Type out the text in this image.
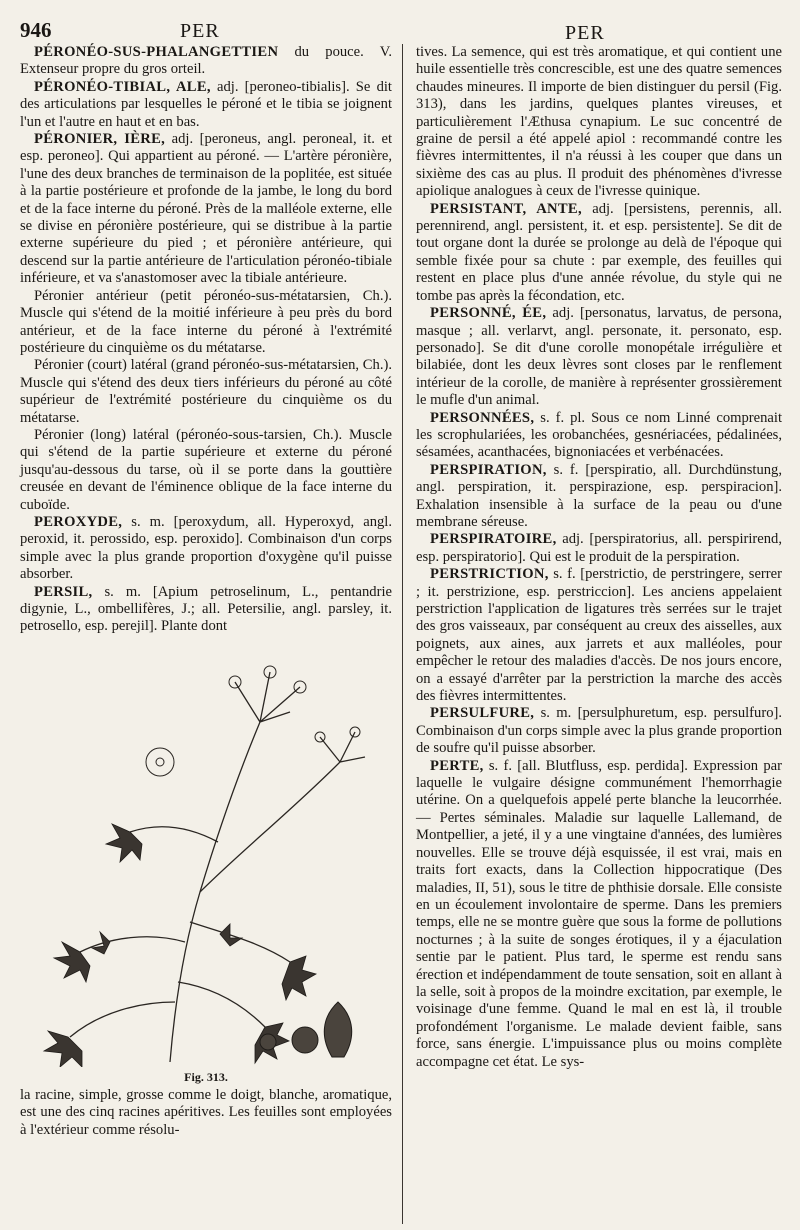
946	PER	PER

PÉRONÉO-SUS-PHALANGETTIEN du pouce. V. Extenseur propre du gros orteil.

PÉRONÉO-TIBIAL, ALE, adj. [peroneo-tibialis]. Se dit des articulations par lesquelles le péroné et le tibia se joignent l'un et l'autre en haut et en bas.

PÉRONIER, IÈRE, adj. [peroneus, angl. peroneal, it. et esp. peroneo]. Qui appartient au péroné. — L'artère péronière, l'une des deux branches de terminaison de la poplitée, est située à la partie postérieure et profonde de la jambe, le long du bord et de la face interne du péroné. Près de la malléole externe, elle se divise en péronière postérieure, qui se distribue à la partie externe supérieure du pied ; et péronière antérieure, qui descend sur la partie antérieure de l'articulation péronéo-tibiale inférieure, et va s'anastomoser avec la tibiale antérieure.

Péronier antérieur (petit péronéo-sus-métatarsien, Ch.). Muscle qui s'étend de la moitié inférieure à peu près du bord antérieur, et de la face interne du péroné à l'extrémité postérieure du cinquième os du métatarse.

Péronier (court) latéral (grand péronéo-sus-métatarsien, Ch.). Muscle qui s'étend des deux tiers inférieurs du péroné au côté supérieur de l'extrémité postérieure du cinquième os du métatarse.

Péronier (long) latéral (péronéo-sous-tarsien, Ch.). Muscle qui s'étend de la partie supérieure et externe du péroné jusqu'au-dessous du tarse, où il se porte dans la gouttière creusée en devant de l'éminence oblique de la face interne du cuboïde.

PEROXYDE, s. m. [peroxydum, all. Hyperoxyd, angl. peroxid, it. perossido, esp. peroxido]. Combinaison d'un corps simple avec la plus grande proportion d'oxygène qu'il puisse absorber.

PERSIL, s. m. [Apium petroselinum, L., pentandrie digynie, L., ombellifères, J.; all. Petersilie, angl. parsley, it. petrosello, esp. perejil]. Plante dont

Fig. 313.

la racine, simple, grosse comme le doigt, blanche, aromatique, est une des cinq racines apéritives. Les feuilles sont employées à l'extérieur comme résolu-

tives. La semence, qui est très aromatique, et qui contient une huile essentielle très concrescible, est une des quatre semences chaudes mineures. Il importe de bien distinguer du persil (Fig. 313), dans les jardins, quelques plantes vireuses, et particulièrement l'Æthusa cynapium. Le suc concentré de graine de persil a été appelé apiol : recommandé contre les fièvres intermittentes, il n'a réussi à les couper que dans un sixième des cas au plus. Il produit des phénomènes d'ivresse apiolique analogues à ceux de l'ivresse quinique.

PERSISTANT, ANTE, adj. [persistens, perennis, all. perennirend, angl. persistent, it. et esp. persistente]. Se dit de tout organe dont la durée se prolonge au delà de l'époque qui semble fixée pour sa chute : par exemple, des feuilles qui restent en place plus d'une année révolue, du style qui ne tombe pas après la fécondation, etc.

PERSONNÉ, ÉE, adj. [personatus, larvatus, de persona, masque ; all. verlarvt, angl. personate, it. personato, esp. personado]. Se dit d'une corolle monopétale irrégulière et bilabiée, dont les deux lèvres sont closes par le renflement intérieur de la corolle, de manière à représenter grossièrement le mufle d'un animal.

PERSONNÉES, s. f. pl. Sous ce nom Linné comprenait les scrophulariées, les orobanchées, gesnériacées, pédalinées, sésamées, acanthacées, bignoniacées et verbénacées.

PERSPIRATION, s. f. [perspiratio, all. Durchdünstung, angl. perspiration, it. perspirazione, esp. perspiracion]. Exhalation insensible à la surface de la peau ou d'une membrane séreuse.

PERSPIRATOIRE, adj. [perspiratorius, all. perspirirend, esp. perspiratorio]. Qui est le produit de la perspiration.

PERSTRICTION, s. f. [perstrictio, de perstringere, serrer ; it. perstrizione, esp. perstriccion]. Les anciens appelaient perstriction l'application de ligatures très serrées sur le trajet des gros vaisseaux, par conséquent au creux des aisselles, aux poignets, aux aines, aux jarrets et aux malléoles, pour empêcher le retour des maladies d'accès. De nos jours encore, on a essayé d'arrêter par la perstriction la marche des accès des fièvres intermittentes.

PERSULFURE, s. m. [persulphuretum, esp. persulfuro]. Combinaison d'un corps simple avec la plus grande proportion de soufre qu'il puisse absorber.

PERTE, s. f. [all. Blutfluss, esp. perdida]. Expression par laquelle le vulgaire désigne communément l'hemorrhagie utérine. On a quelquefois appelé perte blanche la leucorrhée. — Pertes séminales. Maladie sur laquelle Lallemand, de Montpellier, a jeté, il y a une vingtaine d'années, des lumières nouvelles. Elle se trouve déjà esquissée, il est vrai, mais en traits fort exacts, dans la Collection hippocratique (Des maladies, II, 51), sous le titre de phthisie dorsale. Elle consiste en un écoulement involontaire de sperme. Dans les premiers temps, elle ne se montre guère que sous la forme de pollutions nocturnes ; à la suite de songes érotiques, il y a éjaculation sentie par le patient. Plus tard, le sperme est rendu sans érection et indépendamment de toute sensation, soit en allant à la selle, soit à propos de la moindre excitation, par exemple, le voisinage d'une femme. Quand le mal en est là, il trouble profondément l'organisme. Le malade devient faible, sans force, sans énergie. L'impuissance plus ou moins complète accompagne cet état. Le sys-
